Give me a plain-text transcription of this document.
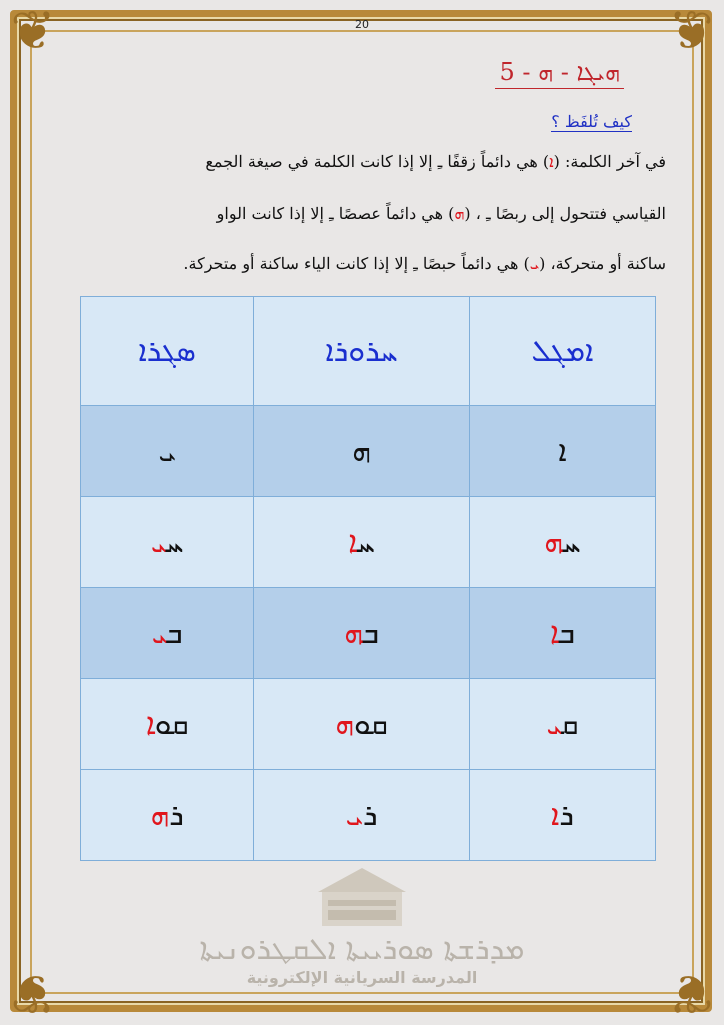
❦	❦
❦	❦
20
ܗܝܓܐ - ܗ - 5
كيف تُلفَظ ؟
في آخر الكلمة: (ܐ) هي دائماً زقفًا ـِ إلا إذا كانت الكلمة في صيغة الجمع
القياسي فتتحول إلى ربصًا ـِ ، (ܗ) هي دائماً عصصًا ـِ إلا إذا كانت الواو
ساكنة أو متحركة، (ܝ) هي دائماً حبصًا ـِ إلا إذا كانت الياء ساكنة أو متحركة.
ܣܓܪܐ	ܚܪܘܪܐ	ܐܡܓܠ
ܝ	ܗ	ܐ
ܚܝ	ܚܐ	ܚܗ
ܒܝ	ܒܗ	ܒܐ
ܩܘܐ	ܩܘܗ	ܩܝ
ܪܗ	ܪܝ	ܪܐ
ܡܕܪܫܬܐ ܣܘܪܝܝܬܐ ܐܠܩܛܪܘܢܝܬܐ
المدرسة السريانية الإلكترونية
